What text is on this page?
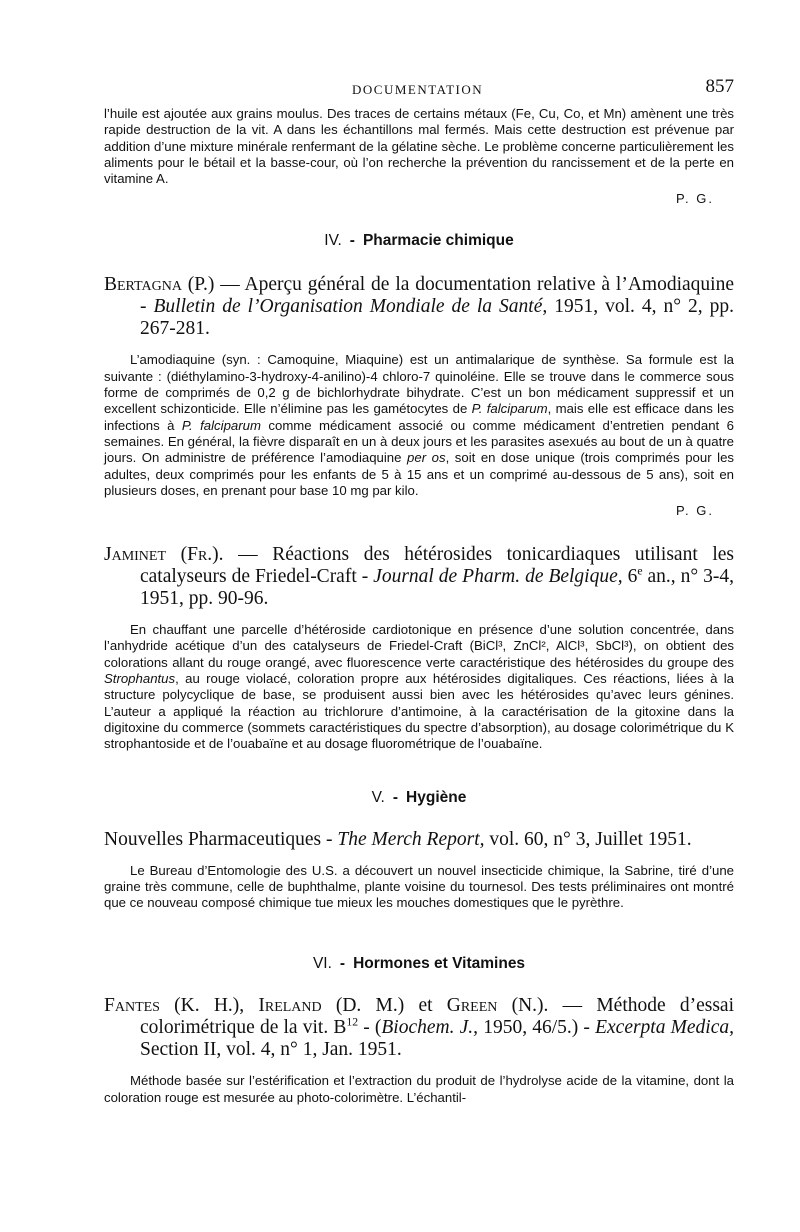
DOCUMENTATION	857

l’huile est ajoutée aux grains moulus. Des traces de certains métaux (Fe, Cu, Co, et Mn) amènent une très rapide destruction de la vit. A dans les échantillons mal fermés. Mais cette destruction est prévenue par addition d’une mixture minérale renfermant de la gélatine sèche. Le problème concerne particulièrement les aliments pour le bétail et la basse-cour, où l’on recherche la prévention du rancissement et de la perte en vitamine A.

P. G.

IV. - Pharmacie chimique

Bertagna (P.) — Aperçu général de la documentation relative à l’Amodiaquine - Bulletin de l’Organisation Mondiale de la Santé, 1951, vol. 4, n° 2, pp. 267-281.

L’amodiaquine (syn. : Camoquine, Miaquine) est un antimalarique de synthèse. Sa formule est la suivante : (diéthylamino-3-hydroxy-4-anilino)-4 chloro-7 quinoléine. Elle se trouve dans le commerce sous forme de comprimés de 0,2 g de bichlorhydrate bihydrate. C’est un bon médicament suppressif et un excellent schizonticide. Elle n’élimine pas les gamétocytes de P. falciparum, mais elle est efficace dans les infections à P. falciparum comme médicament associé ou comme médicament d’entretien pendant 6 semaines. En général, la fièvre disparaît en un à deux jours et les parasites asexués au bout de un à quatre jours. On administre de préférence l’amodiaquine per os, soit en dose unique (trois comprimés pour les adultes, deux comprimés pour les enfants de 5 à 15 ans et un comprimé au-dessous de 5 ans), soit en plusieurs doses, en prenant pour base 10 mg par kilo.

P. G.

Jaminet (Fr.). — Réactions des hétérosides tonicardiaques utilisant les catalyseurs de Friedel-Craft - Journal de Pharm. de Belgique, 6e an., n° 3-4, 1951, pp. 90-96.

En chauffant une parcelle d’hétéroside cardiotonique en présence d’une solution concentrée, dans l’anhydride acétique d’un des catalyseurs de Friedel-Craft (BiCl³, ZnCl², AlCl³, SbCl³), on obtient des colorations allant du rouge orangé, avec fluorescence verte caractéristique des hétérosides du groupe des Strophantus, au rouge violacé, coloration propre aux hétérosides digitaliques. Ces réactions, liées à la structure polycyclique de base, se produisent aussi bien avec les hétérosides qu’avec leurs génines. L’auteur a appliqué la réaction au trichlorure d’antimoine, à la caractérisation de la gitoxine dans la digitoxine du commerce (sommets caractéristiques du spectre d’absorption), au dosage colorimétrique du K strophantoside et de l’ouabaïne et au dosage fluorométrique de l’ouabaïne.

V. - Hygiène

Nouvelles Pharmaceutiques - The Merch Report, vol. 60, n° 3, Juillet 1951.

Le Bureau d’Entomologie des U.S. a découvert un nouvel insecticide chimique, la Sabrine, tiré d’une graine très commune, celle de buphthalme, plante voisine du tournesol. Des tests préliminaires ont montré que ce nouveau composé chimique tue mieux les mouches domestiques que le pyrèthre.

VI. - Hormones et Vitamines

Fantes (K. H.), Ireland (D. M.) et Green (N.). — Méthode d’essai colorimétrique de la vit. $B^{12}$ - (Biochem. J., 1950, 46/5.) - Excerpta Medica, Section II, vol. 4, n° 1, Jan. 1951.

Méthode basée sur l’estérification et l’extraction du produit de l’hydrolyse acide de la vitamine, dont la coloration rouge est mesurée au photo-colorimètre. L’échantil-
